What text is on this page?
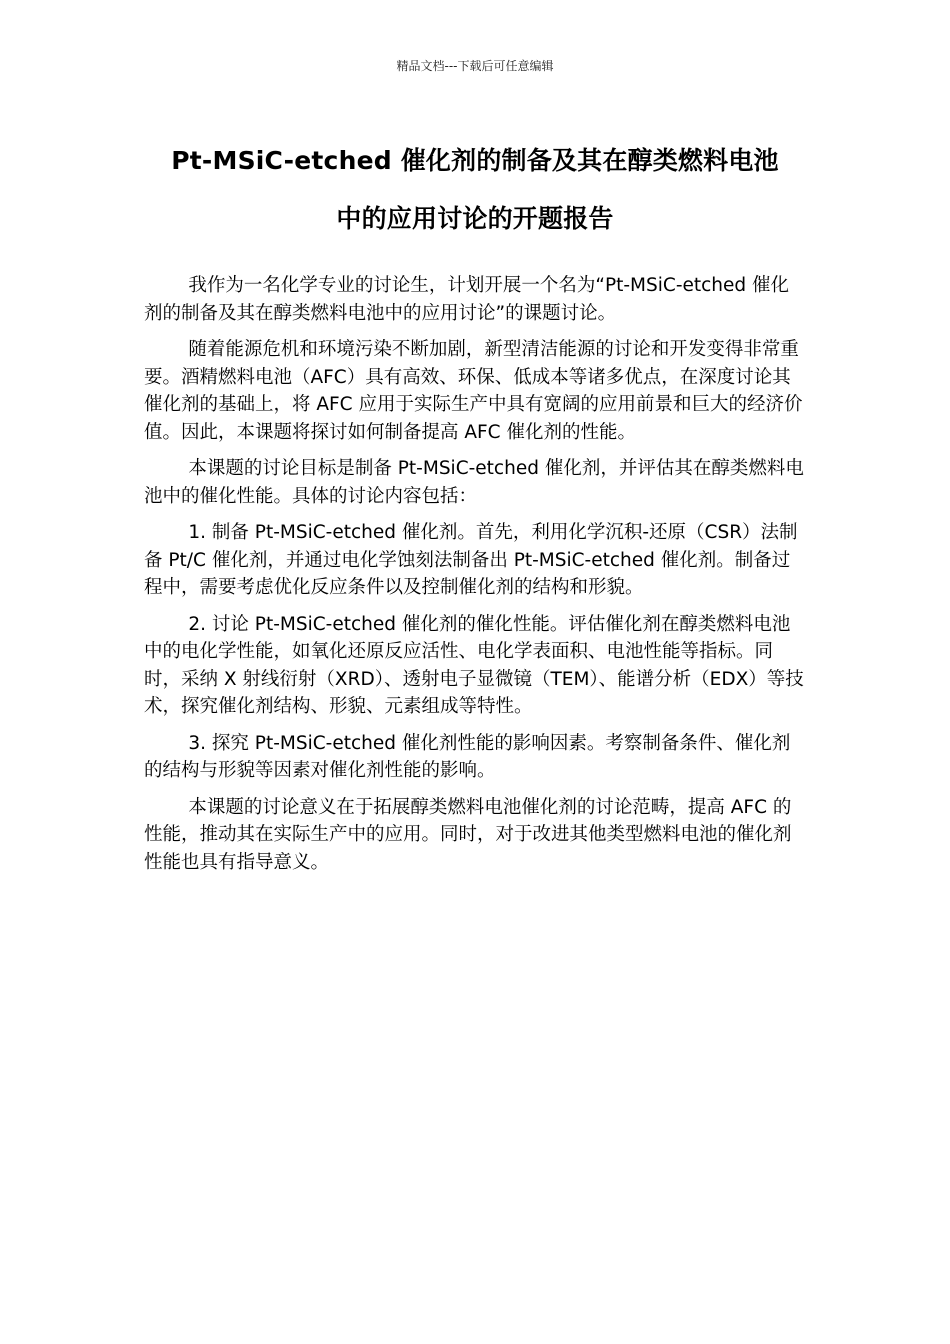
精品文档---下载后可任意编辑
Pt-MSiC-etched 催化剂的制备及其在醇类燃料电池
中的应用讨论的开题报告

我作为一名化学专业的讨论生，计划开展一个名为“Pt-MSiC-etched 催化剂的制备及其在醇类燃料电池中的应用讨论”的课题讨论。

随着能源危机和环境污染不断加剧，新型清洁能源的讨论和开发变得非常重要。酒精燃料电池（AFC）具有高效、环保、低成本等诸多优点，在深度讨论其催化剂的基础上，将 AFC 应用于实际生产中具有宽阔的应用前景和巨大的经济价值。因此，本课题将探讨如何制备提高 AFC 催化剂的性能。

本课题的讨论目标是制备 Pt-MSiC-etched 催化剂，并评估其在醇类燃料电池中的催化性能。具体的讨论内容包括：

1. 制备 Pt-MSiC-etched 催化剂。首先，利用化学沉积-还原（CSR）法制备 Pt/C 催化剂，并通过电化学蚀刻法制备出 Pt-MSiC-etched 催化剂。制备过程中，需要考虑优化反应条件以及控制催化剂的结构和形貌。

2. 讨论 Pt-MSiC-etched 催化剂的催化性能。评估催化剂在醇类燃料电池中的电化学性能，如氧化还原反应活性、电化学表面积、电池性能等指标。同时，采纳 X 射线衍射（XRD）、透射电子显微镜（TEM）、能谱分析（EDX）等技术，探究催化剂结构、形貌、元素组成等特性。

3. 探究 Pt-MSiC-etched 催化剂性能的影响因素。考察制备条件、催化剂的结构与形貌等因素对催化剂性能的影响。

本课题的讨论意义在于拓展醇类燃料电池催化剂的讨论范畴，提高 AFC 的性能，推动其在实际生产中的应用。同时，对于改进其他类型燃料电池的催化剂性能也具有指导意义。
